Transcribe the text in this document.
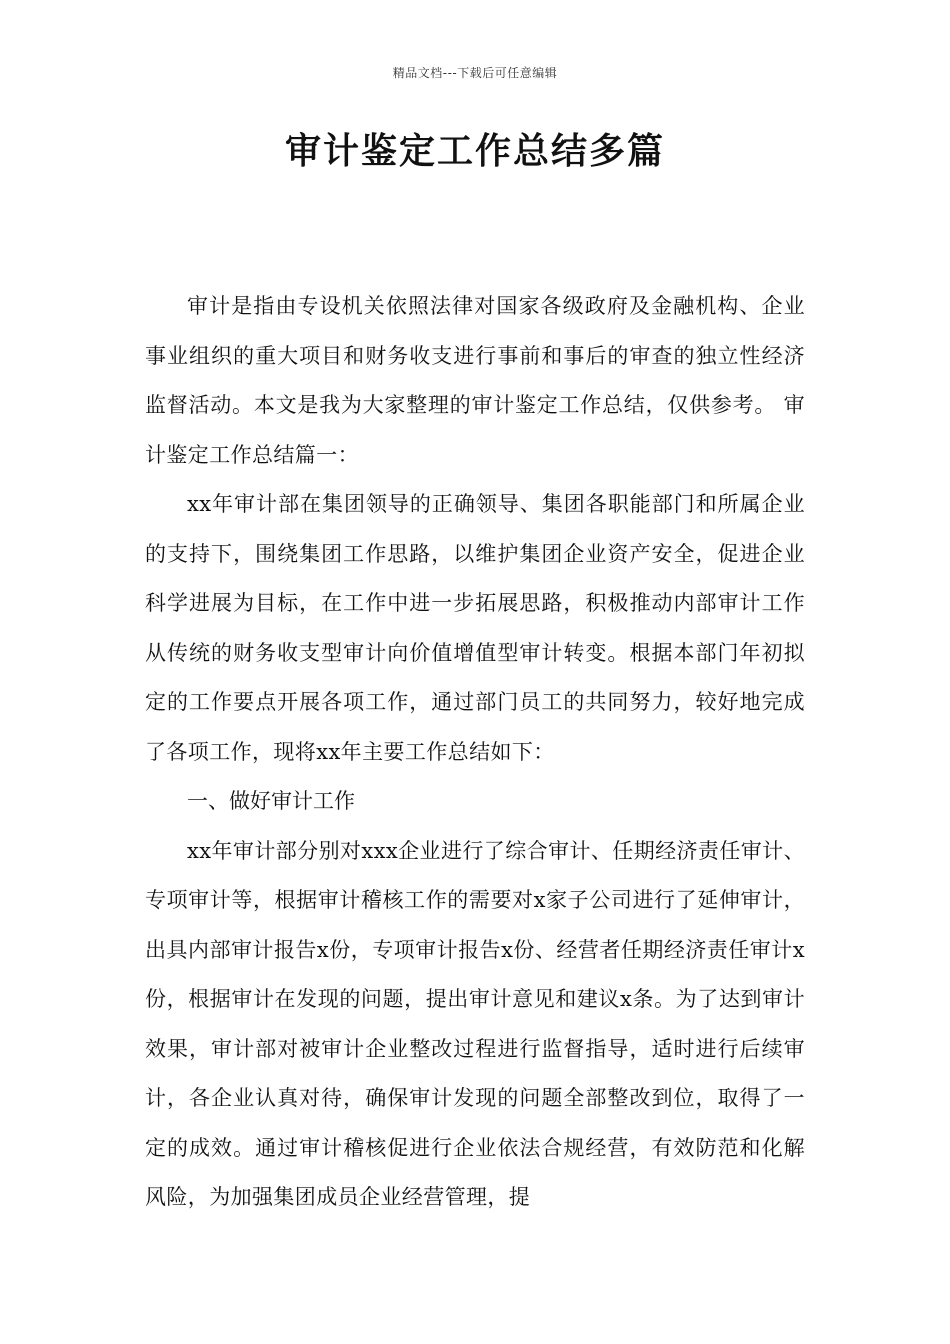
精品文档---下载后可任意编辑
审计鉴定工作总结多篇

审计是指由专设机关依照法律对国家各级政府及金融机构、企业事业组织的重大项目和财务收支进行事前和事后的审查的独立性经济监督活动。本文是我为大家整理的审计鉴定工作总结，仅供参考。 审计鉴定工作总结篇一：

xx年审计部在集团领导的正确领导、集团各职能部门和所属企业的支持下，围绕集团工作思路，以维护集团企业资产安全，促进企业科学进展为目标，在工作中进一步拓展思路，积极推动内部审计工作从传统的财务收支型审计向价值增值型审计转变。根据本部门年初拟定的工作要点开展各项工作，通过部门员工的共同努力，较好地完成了各项工作，现将xx年主要工作总结如下：

一、做好审计工作

xx年审计部分别对xxx企业进行了综合审计、任期经济责任审计、专项审计等，根据审计稽核工作的需要对x家子公司进行了延伸审计，出具内部审计报告x份，专项审计报告x份、经营者任期经济责任审计x份，根据审计在发现的问题，提出审计意见和建议x条。为了达到审计效果，审计部对被审计企业整改过程进行监督指导，适时进行后续审计，各企业认真对待，确保审计发现的问题全部整改到位，取得了一定的成效。通过审计稽核促进行企业依法合规经营，有效防范和化解风险，为加强集团成员企业经营管理，提
